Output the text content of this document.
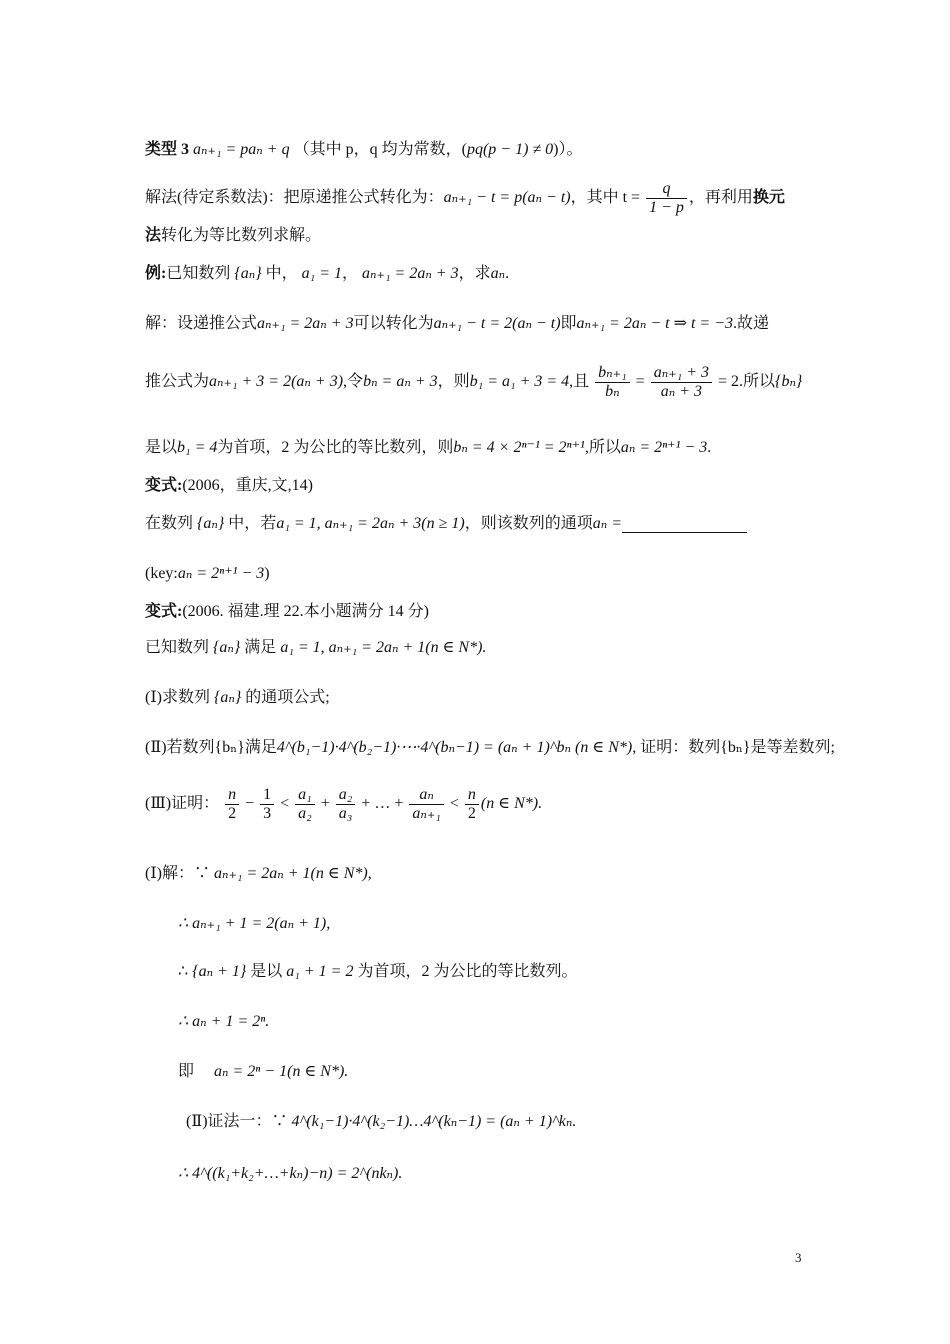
类型 3 aₙ₊₁ = paₙ + q （其中 p，q 均为常数，(pq(p − 1) ≠ 0)）。
解法(待定系数法)：把原递推公式转化为：aₙ₊₁ − t = p(aₙ − t)，其中 $t = \frac{q}{1 - p}$ ，再利用换元
法转化为等比数列求解。
例:已知数列 {aₙ} 中， a₁ = 1， aₙ₊₁ = 2aₙ + 3，求aₙ.
解：设递推公式aₙ₊₁ = 2aₙ + 3可以转化为aₙ₊₁ − t = 2(aₙ − t)即aₙ₊₁ = 2aₙ − t ⇒ t = −3.故递
推公式为aₙ₊₁ + 3 = 2(aₙ + 3),令bₙ = aₙ + 3，则b₁ = a₁ + 3 = 4,且 $\frac{\text{bₙ₊₁}}{\text{bₙ}} = \frac{\text{aₙ₊₁ + 3}}{\text{aₙ + 3}} = 2$.所以{bₙ}
是以b₁ = 4为首项，2 为公比的等比数列，则bₙ = 4 × 2ⁿ⁻¹ = 2ⁿ⁺¹,所以aₙ = 2ⁿ⁺¹ − 3.
变式:(2006，重庆,文,14)
在数列 {aₙ} 中，若a₁ = 1, aₙ₊₁ = 2aₙ + 3(n ≥ 1)，则该数列的通项aₙ =
(key:aₙ = 2ⁿ⁺¹ − 3)
变式:(2006. 福建.理 22.本小题满分 14 分)
已知数列 {aₙ} 满足 a₁ = 1, aₙ₊₁ = 2aₙ + 1(n ∈ N*).
(Ⅰ)求数列 {aₙ} 的通项公式;
(Ⅱ)若数列{bₙ}满足4^(b₁−1)·4^(b₂−1)·⋯·4^(bₙ−1) = (aₙ + 1)^bₙ (n ∈ N*), 证明：数列{bₙ}是等差数列;
(Ⅲ)证明： $\frac{n}{2} - \frac{1}{3} < \frac{\text{a₁}}{\text{a₂}} + \frac{\text{a₂}}{\text{a₃}}$ + … + $\frac{\text{aₙ}}{\text{aₙ₊₁}} < \frac{n}{2} (n$ ∈ N*).
(Ⅰ)解：∵ aₙ₊₁ = 2aₙ + 1(n ∈ N*),
∴ aₙ₊₁ + 1 = 2(aₙ + 1),
∴ {aₙ + 1} 是以 a₁ + 1 = 2 为首项，2 为公比的等比数列。
∴ aₙ + 1 = 2ⁿ.
即 aₙ = 2ⁿ − 1(n ∈ N*).
(Ⅱ)证法一：∵ 4^(k₁−1)·4^(k₂−1)…4^(kₙ−1) = (aₙ + 1)^kₙ.
∴ 4^((k₁+k₂+…+kₙ)−n) = 2^(nkₙ).
3
